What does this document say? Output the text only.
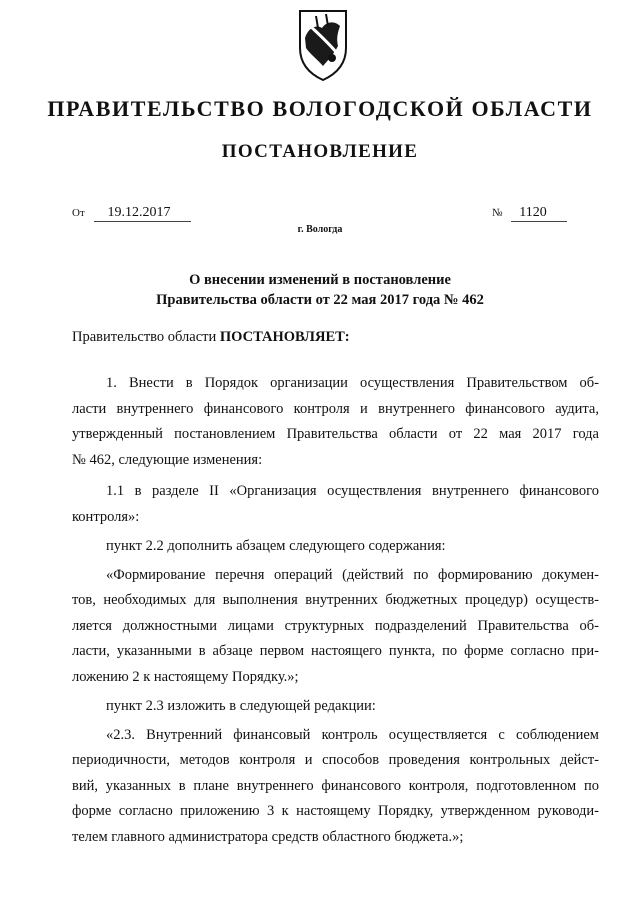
ПРАВИТЕЛЬСТВО ВОЛОГОДСКОЙ ОБЛАСТИ
ПОСТАНОВЛЕНИЕ
От 19.12.2017	№ 1120
г. Вологда
О внесении изменений в постановление
Правительства области от 22 мая 2017 года № 462
Правительство области ПОСТАНОВЛЯЕТ:
1. Внести в Порядок организации осуществления Правительством об-
ласти внутреннего финансового контроля и внутреннего финансового аудита,
утвержденный постановлением Правительства области от 22 мая 2017 года
№ 462, следующие изменения:
1.1 в разделе II «Организация осуществления внутреннего финансового
контроля»:
пункт 2.2 дополнить абзацем следующего содержания:
«Формирование перечня операций (действий по формированию докумен-
тов, необходимых для выполнения внутренних бюджетных процедур) осуществ-
ляется должностными лицами структурных подразделений Правительства об-
ласти, указанными в абзаце первом настоящего пункта, по форме согласно при-
ложению 2 к настоящему Порядку.»;
пункт 2.3 изложить в следующей редакции:
«2.3. Внутренний финансовый контроль осуществляется с соблюдением
периодичности, методов контроля и способов проведения контрольных дейст-
вий, указанных в плане внутреннего финансового контроля, подготовленном по
форме согласно приложению 3 к настоящему Порядку, утвержденном руководи-
телем главного администратора средств областного бюджета.»;
